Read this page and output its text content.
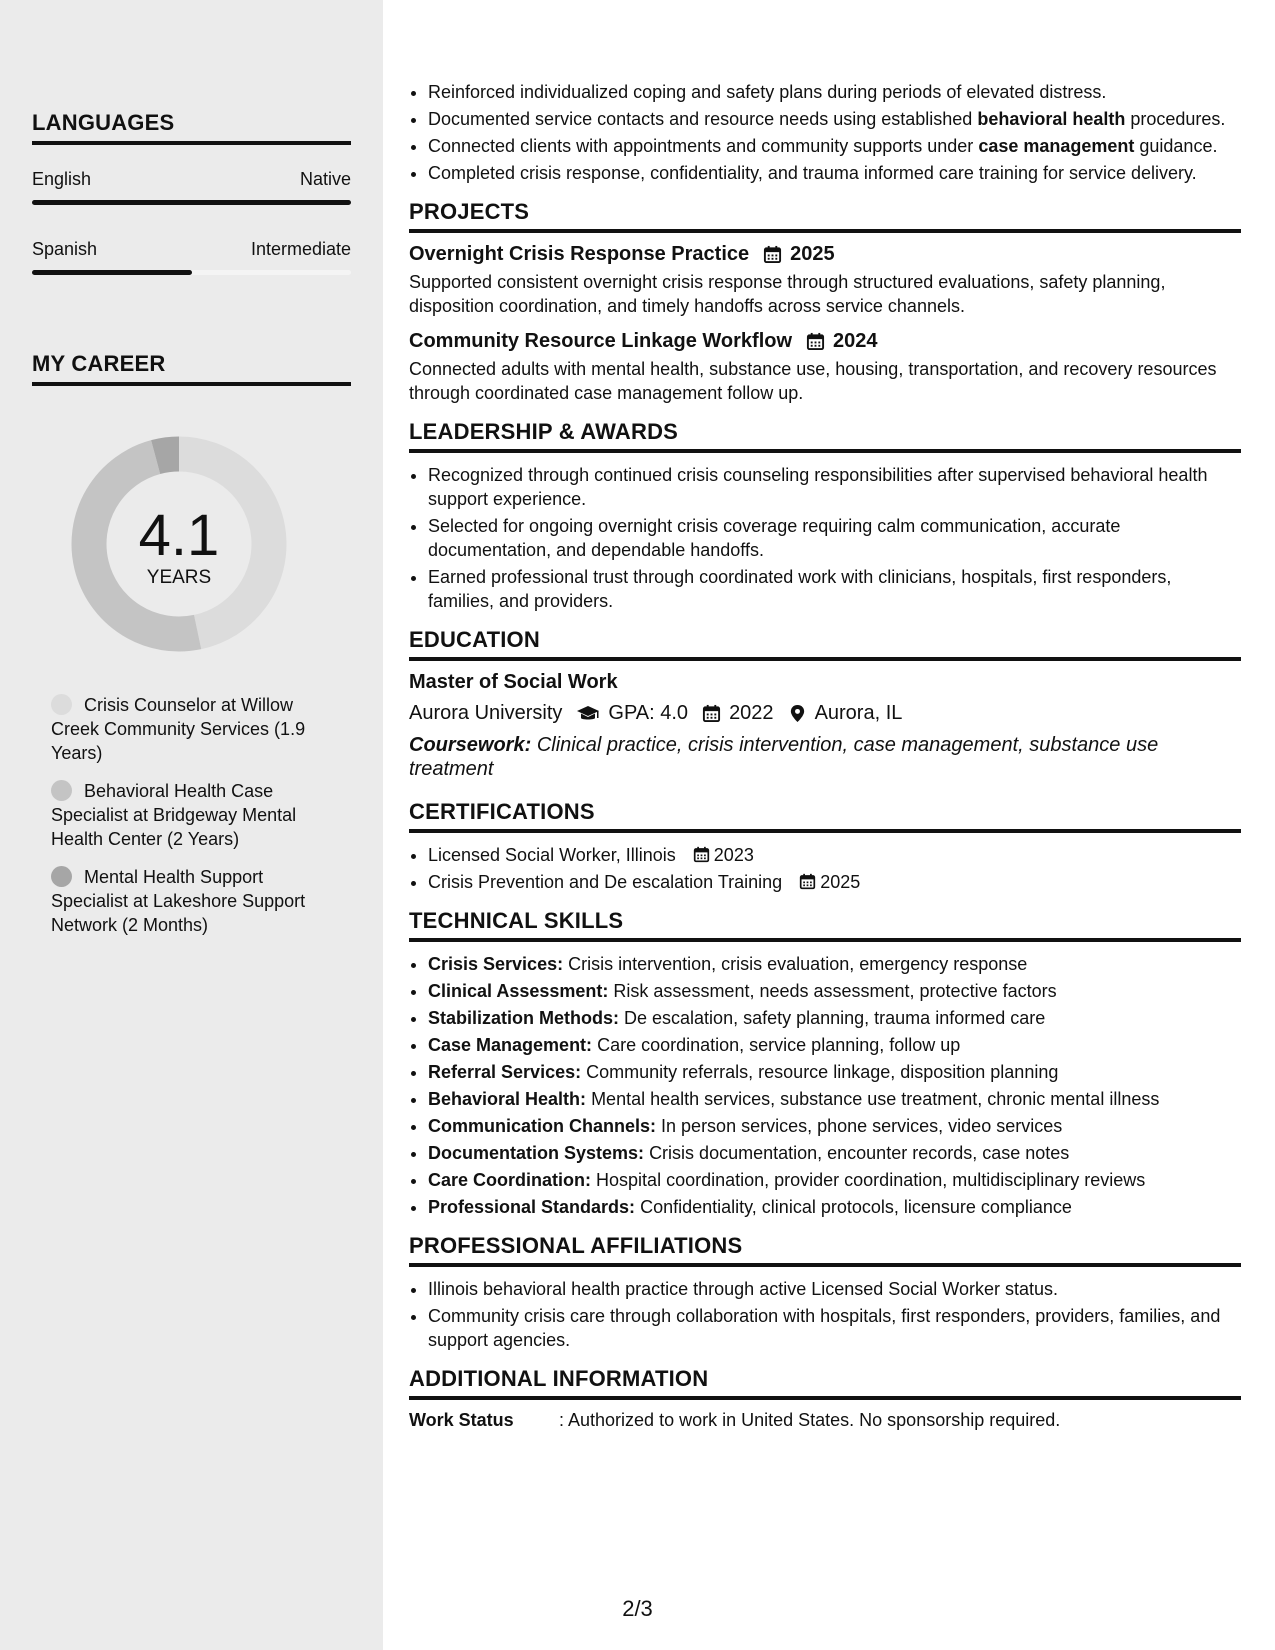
LANGUAGES
English	Native
Spanish	Intermediate
MY CAREER
4.1
YEARS
Crisis Counselor at Willow Creek Community Services (1.9 Years)
Behavioral Health Case Specialist at Bridgeway Mental Health Center (2 Years)
Mental Health Support Specialist at Lakeshore Support Network (2 Months)
• Reinforced individualized coping and safety plans during periods of elevated distress.
• Documented service contacts and resource needs using established behavioral health procedures.
• Connected clients with appointments and community supports under case management guidance.
• Completed crisis response, confidentiality, and trauma informed care training for service delivery.
PROJECTS
Overnight Crisis Response Practice 2025
Supported consistent overnight crisis response through structured evaluations, safety planning, disposition coordination, and timely handoffs across service channels.
Community Resource Linkage Workflow 2024
Connected adults with mental health, substance use, housing, transportation, and recovery resources through coordinated case management follow up.
LEADERSHIP & AWARDS
• Recognized through continued crisis counseling responsibilities after supervised behavioral health support experience.
• Selected for ongoing overnight crisis coverage requiring calm communication, accurate documentation, and dependable handoffs.
• Earned professional trust through coordinated work with clinicians, hospitals, first responders, families, and providers.
EDUCATION
Master of Social Work
Aurora University GPA: 4.0 2022 Aurora, IL
Coursework: Clinical practice, crisis intervention, case management, substance use treatment
CERTIFICATIONS
• Licensed Social Worker, Illinois 2023
• Crisis Prevention and De escalation Training 2025
TECHNICAL SKILLS
• Crisis Services: Crisis intervention, crisis evaluation, emergency response
• Clinical Assessment: Risk assessment, needs assessment, protective factors
• Stabilization Methods: De escalation, safety planning, trauma informed care
• Case Management: Care coordination, service planning, follow up
• Referral Services: Community referrals, resource linkage, disposition planning
• Behavioral Health: Mental health services, substance use treatment, chronic mental illness
• Communication Channels: In person services, phone services, video services
• Documentation Systems: Crisis documentation, encounter records, case notes
• Care Coordination: Hospital coordination, provider coordination, multidisciplinary reviews
• Professional Standards: Confidentiality, clinical protocols, licensure compliance
PROFESSIONAL AFFILIATIONS
• Illinois behavioral health practice through active Licensed Social Worker status.
• Community crisis care through collaboration with hospitals, first responders, providers, families, and support agencies.
ADDITIONAL INFORMATION
Work Status	: Authorized to work in United States. No sponsorship required.
2/3
